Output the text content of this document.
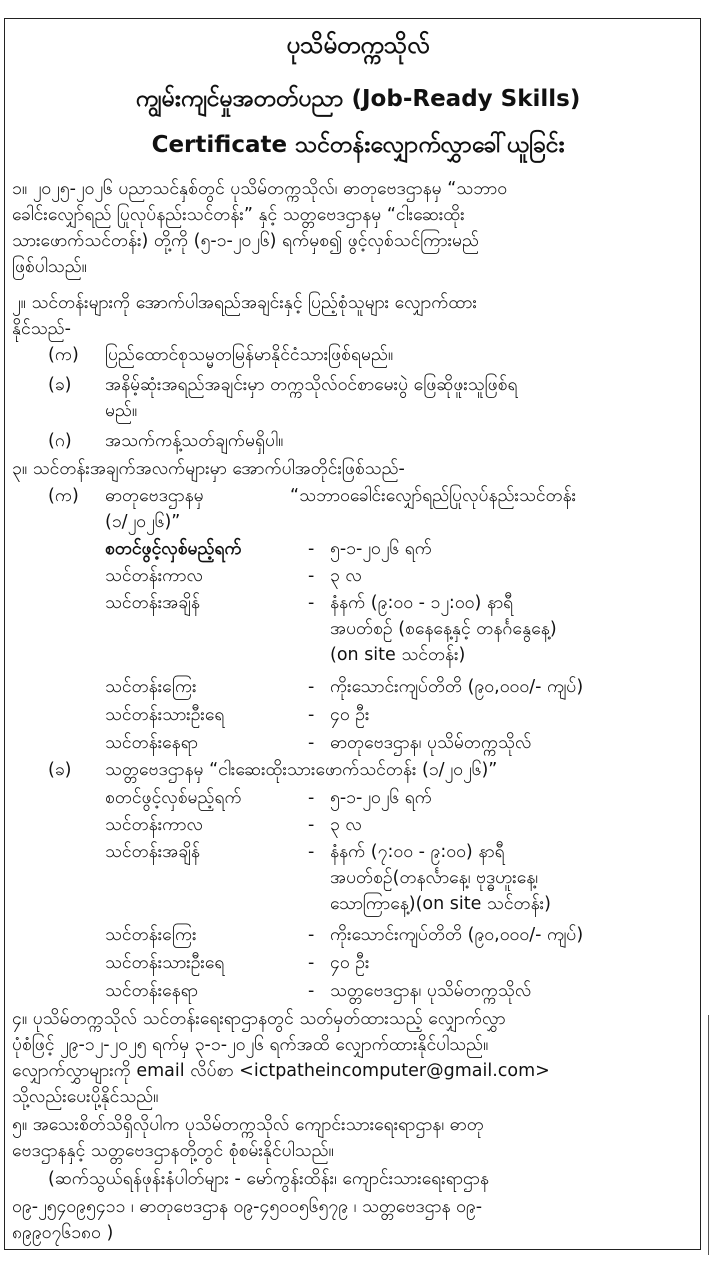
ပုသိမ်တက္ကသိုလ်
ကျွမ်းကျင်မှုအတတ်ပညာ (Job-Ready Skills)
Certificate သင်တန်းလျှောက်လွှာခေါ်ယူခြင်း
၁။ ၂၀၂၅-၂၀၂၆ ပညာသင်နှစ်တွင် ပုသိမ်တက္ကသိုလ်၊ ဓာတုဗေဒဌာနမှ “သဘာဝ
ခေါင်းလျှော်ရည် ပြုလုပ်နည်းသင်တန်း” နှင့် သတ္တဗေဒဌာနမှ “ငါးဆေးထိုး
သားဖောက်သင်တန်း) တို့ကို (၅-၁-၂၀၂၆) ရက်မှစ၍ ဖွင့်လှစ်သင်ကြားမည်
ဖြစ်ပါသည်။
၂။ သင်တန်းများကို အောက်ပါအရည်အချင်းနှင့် ပြည့်စုံသူများ လျှောက်ထား
နိုင်သည်-
(က) ပြည်ထောင်စုသမ္မတမြန်မာနိုင်ငံသားဖြစ်ရမည်။
(ခ) အနိမ့်ဆုံးအရည်အချင်းမှာ တက္ကသိုလ်ဝင်စာမေးပွဲ ဖြေဆိုဖူးသူဖြစ်ရ
မည်။
(ဂ) အသက်ကန့်သတ်ချက်မရှိပါ။
၃။ သင်တန်းအချက်အလက်များမှာ အောက်ပါအတိုင်းဖြစ်သည်-
(က) ဓာတုဗေဒဌာနမှ	“သဘာဝခေါင်းလျှော်ရည်ပြုလုပ်နည်းသင်တန်း
(၁/၂၀၂၆)”
စတင်ဖွင့်လှစ်မည့်ရက်	- ၅-၁-၂၀၂၆ ရက်
သင်တန်းကာလ	- ၃ လ
သင်တန်းအချိန်	- နံနက် (၉:၀၀ - ၁၂:၀၀) နာရီ
အပတ်စဉ် (စနေနေ့နှင့် တနင်္ဂနွေနေ့)
(on site သင်တန်း)
သင်တန်းကြေး	- ကိုးသောင်းကျပ်တိတိ (၉၀,၀၀၀/- ကျပ်)
သင်တန်းသားဦးရေ	- ၄၀ ဦး
သင်တန်းနေရာ	- ဓာတုဗေဒဌာန၊ ပုသိမ်တက္ကသိုလ်
(ခ) သတ္တဗေဒဌာနမှ “ငါးဆေးထိုးသားဖောက်သင်တန်း (၁/၂၀၂၆)”
စတင်ဖွင့်လှစ်မည့်ရက်	- ၅-၁-၂၀၂၆ ရက်
သင်တန်းကာလ	- ၃ လ
သင်တန်းအချိန်	- နံနက် (၇:၀၀ - ၉:၀၀) နာရီ
အပတ်စဉ်(တနင်္လာနေ့၊ ဗုဒ္ဓဟူးနေ့၊
သောကြာနေ့)(on site သင်တန်း)
သင်တန်းကြေး	- ကိုးသောင်းကျပ်တိတိ (၉၀,၀၀၀/- ကျပ်)
သင်တန်းသားဦးရေ	- ၄၀ ဦး
သင်တန်းနေရာ	- သတ္တဗေဒဌာန၊ ပုသိမ်တက္ကသိုလ်
၄။ ပုသိမ်တက္ကသိုလ် သင်တန်းရေးရာဌာနတွင် သတ်မှတ်ထားသည့် လျှောက်လွှာ
ပုံစံဖြင့် ၂၉-၁၂-၂၀၂၅ ရက်မှ ၃-၁-၂၀၂၆ ရက်အထိ လျှောက်ထားနိုင်ပါသည်။
လျှောက်လွှာများကို email လိပ်စာ <ictpatheincomputer@gmail.com>
သို့လည်းပေးပို့နိုင်သည်။
၅။ အသေးစိတ်သိရှိလိုပါက ပုသိမ်တက္ကသိုလ် ကျောင်းသားရေးရာဌာန၊ ဓာတု
ဗေဒဌာနနှင့် သတ္တဗေဒဌာနတို့တွင် စုံစမ်းနိုင်ပါသည်။
(ဆက်သွယ်ရန်ဖုန်းနံပါတ်များ - မော်ကွန်းထိန်း၊ ကျောင်းသားရေးရာဌာန
၀၉-၂၅၄၀၉၅၄၁၁ ၊ ဓာတုဗေဒဌာန ၀၉-၄၅၀၀၅၆၅၇၉ ၊ သတ္တဗေဒဌာန ၀၉-
၈၉၉၀၇၆၁၈၀ )
